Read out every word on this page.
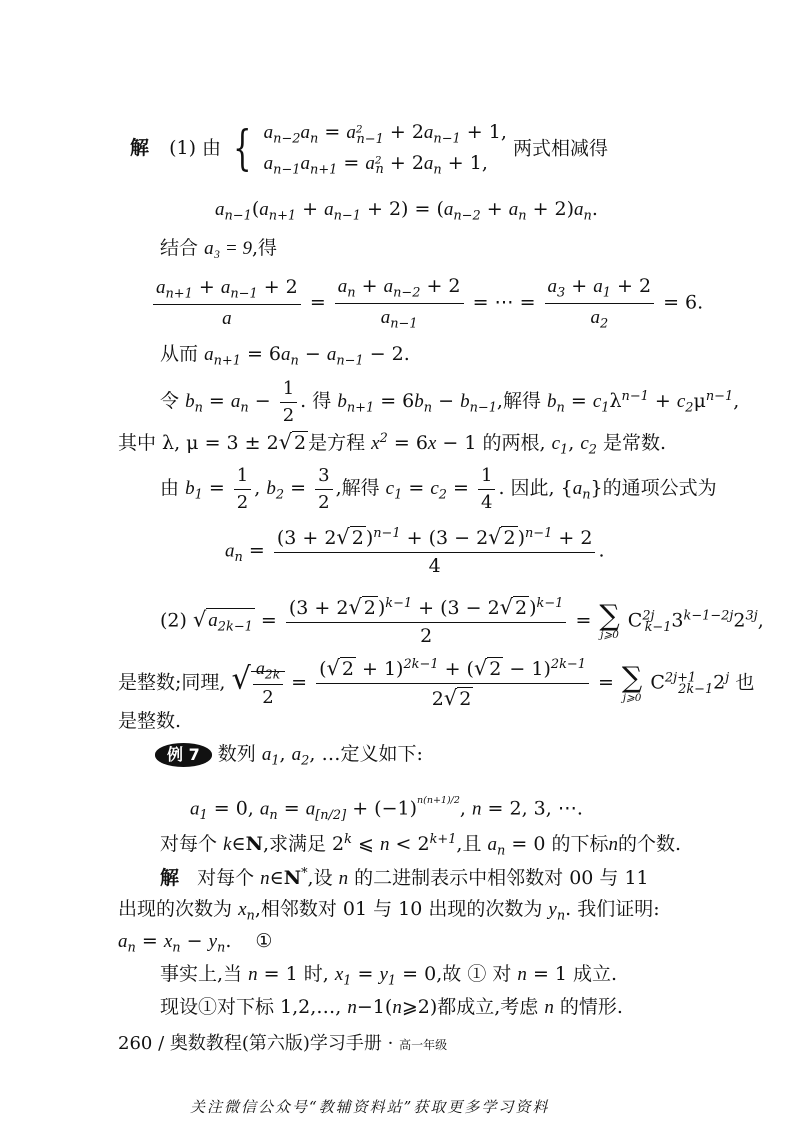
解 (1) 由 { $a_{n-2}a_n = a^2_{n-1} + 2a_{n-1} + 1$,
$a_{n-1}a_{n+1} = a^2_n + 2a_n + 1$,
两式相减得
$a_{n-1}(a_{n+1} + a_{n-1} + 2) = (a_{n-2} + a_n + 2)a_n$.
结合 a₃ = 9,得
$\frac{a_{n+1} + a_{n-1} + 2}{a} = \frac{a_n + a_{n-2} + 2}{a_{n-1}}$ = ⋯ = $\frac{a_3 + a_1 + 2}{a_2} = 6$.
从而 $a_{n+1} = 6a_n - a_{n-1} - 2$.
令 $b_n = a_n - \frac{1}{2}$ . 得 $b_{n+1} = 6b_n - b_{n-1}$,解得 $b_n = c_1\lambda^{n-1} + c_2\mu^{n-1}$,
其中 λ, μ = 3 ± 2√ 2 是方程 $x^2 = 6x - 1$ 的两根, $c_1$, $c_2$ 是常数.
由 $b_1 = \frac{1}{2}$ , $b_2 = \frac{3}{2}$ ,解得 $c_1 = c_2 = \frac{1}{4}$ . 因此, $\{a_n\}$的通项公式为
$a_n = \frac{(3 + 2√ 2 )^{n-1} + (3 - 2√ 2 )^{n-1} + 2}{4}$ .
(2) √ $a_{2k-1} = \frac{(3 + 2√ 2 )^{k-1} + (3 - 2√ 2 )^{k-1}}{2}$ = ∑
j⩾0
$C^{2j}_{k-1}3^{k-1-2j}2^{3j}$,
是整数;同理, √ $\frac{a_{2k}}{2} = \frac{(√ 2 + 1)^{2k-1} + (√ 2 - 1)^{2k-1}}{2√ 2}$ = ∑
j⩾0
$C^{2j+1}_{2k-1}2^j$ 也
是整数.
例 7 数列 $a_1$, $a_2$, …定义如下:
$a_1 = 0$, $a_n = a_{[n/2]} + (-1)^{n(n+1)/2}$, n = 2, 3, ⋯.
对每个 k∈N,求满足 2$^k$ ⩽ $n < 2^{k+1}$,且 $a_n = 0$ 的下标n的个数.
解 对每个 n∈N*,设 n 的二进制表示中相邻数对 00 与 11
出现的次数为 $x_n$,相邻数对 01 与 10 出现的次数为 $y_n$. 我们证明:
$a_n = x_n - y_n$. ①
事实上,当 n = 1 时, $x_1 = y_1 = 0$,故 ① 对 n = 1 成立.
现设①对下标 1,2,…, n−1(n⩾2)都成立,考虑 n 的情形.
260 / 奥数教程(第六版)学习手册 · 高一年级
关注微信公众号“教辅资料站”获取更多学习资料
